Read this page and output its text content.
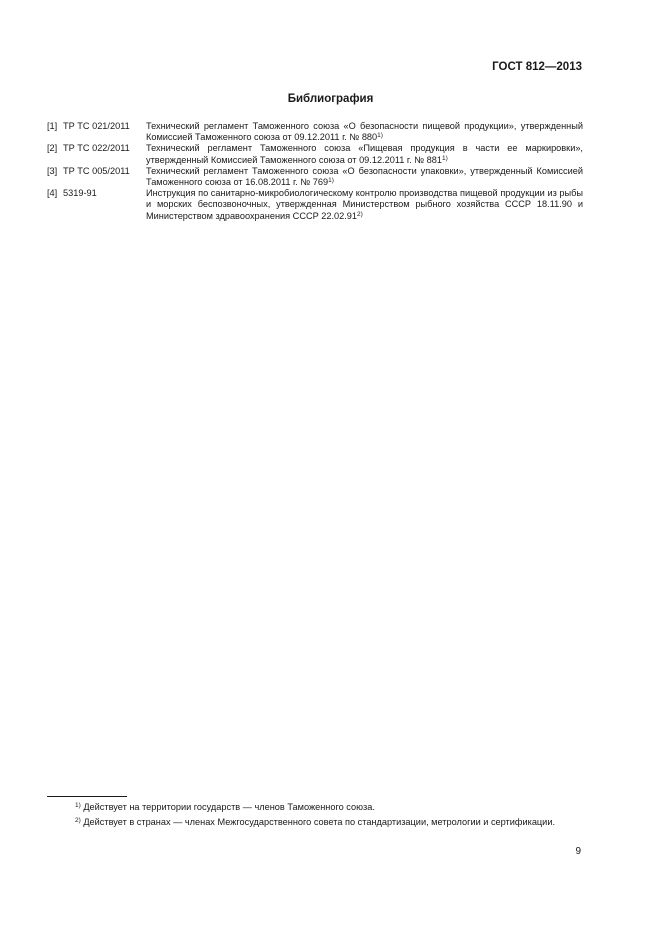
ГОСТ 812—2013
Библиография
[1] ТР ТС 021/2011	Технический регламент Таможенного союза «О безопасности пищевой продукции», утвержденный Комиссией Таможенного союза от 09.12.2011 г. № 880$^{1)}$
[2] ТР ТС 022/2011	Технический регламент Таможенного союза «Пищевая продукция в части ее маркировки», утвержденный Комиссией Таможенного союза от 09.12.2011 г. № 881$^{1)}$
[3] ТР ТС 005/2011	Технический регламент Таможенного союза «О безопасности упаковки», утвержденный Комиссией Таможенного союза от 16.08.2011 г. № 769$^{1)}$
[4] 5319-91	Инструкция по санитарно-микробиологическому контролю производства пищевой продукции из рыбы и морских беспозвоночных, утвержденная Министерством рыбного хозяйства СССР 18.11.90 и Министерством здравоохранения СССР 22.02.91$^{2)}$
$^{1)}$ Действует на территории государств — членов Таможенного союза.
$^{2)}$ Действует в странах — членах Межгосударственного совета по стандартизации, метрологии и сертификации.
9
